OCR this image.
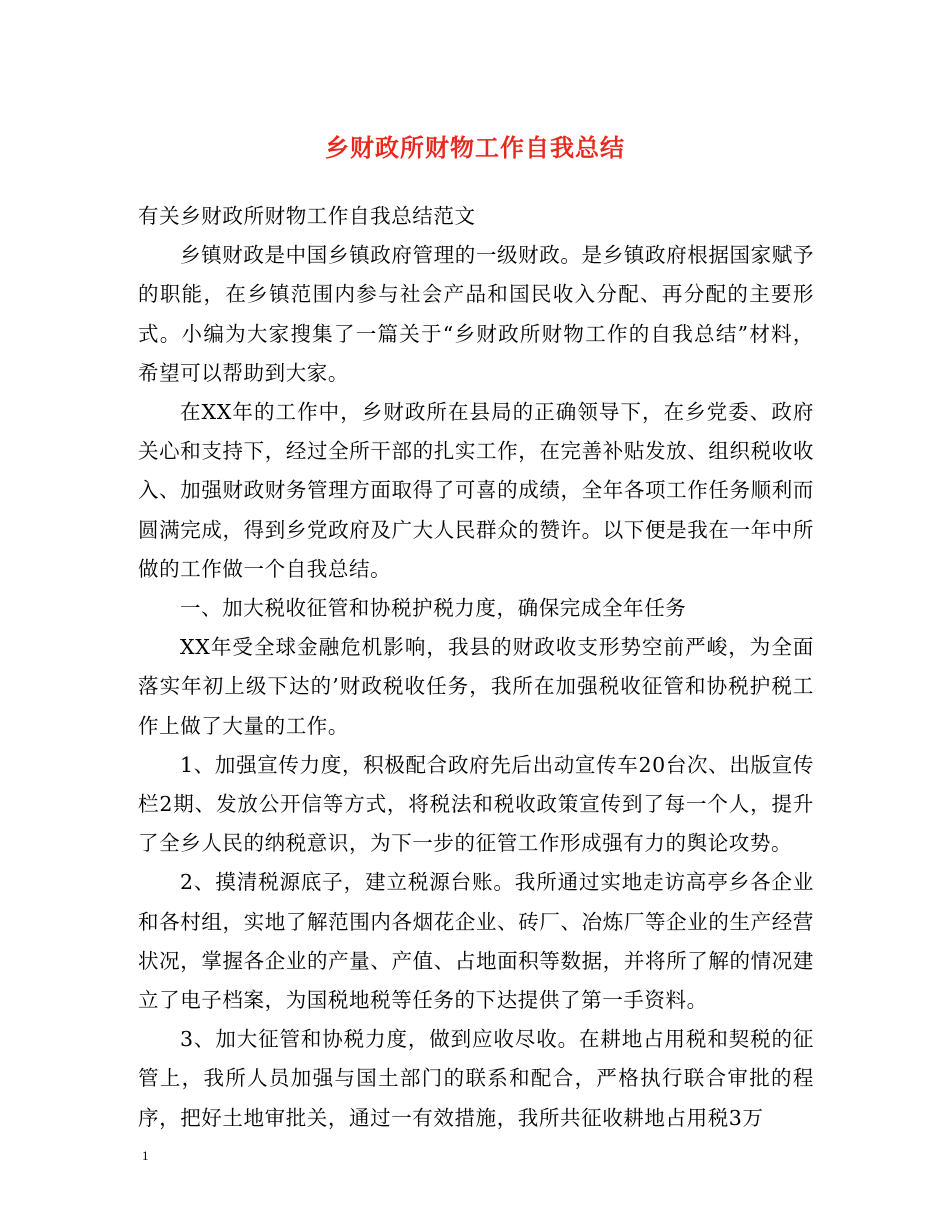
乡财政所财物工作自我总结

有关乡财政所财物工作自我总结范文

乡镇财政是中国乡镇政府管理的一级财政。是乡镇政府根据国家赋予的职能，在乡镇范围内参与社会产品和国民收入分配、再分配的主要形式。小编为大家搜集了一篇关于“乡财政所财物工作的自我总结”材料，希望可以帮助到大家。

在XX年的工作中，乡财政所在县局的正确领导下，在乡党委、政府关心和支持下，经过全所干部的扎实工作，在完善补贴发放、组织税收收入、加强财政财务管理方面取得了可喜的成绩，全年各项工作任务顺利而圆满完成，得到乡党政府及广大人民群众的赞许。以下便是我在一年中所做的工作做一个自我总结。

一、加大税收征管和协税护税力度，确保完成全年任务

XX年受全球金融危机影响，我县的财政收支形势空前严峻，为全面落实年初上级下达的’财政税收任务，我所在加强税收征管和协税护税工作上做了大量的工作。

1、加强宣传力度，积极配合政府先后出动宣传车20台次、出版宣传栏2期、发放公开信等方式，将税法和税收政策宣传到了每一个人，提升了全乡人民的纳税意识，为下一步的征管工作形成强有力的舆论攻势。

2、摸清税源底子，建立税源台账。我所通过实地走访高亭乡各企业和各村组，实地了解范围内各烟花企业、砖厂、冶炼厂等企业的生产经营状况，掌握各企业的产量、产值、占地面积等数据，并将所了解的情况建立了电子档案，为国税地税等任务的下达提供了第一手资料。

3、加大征管和协税力度，做到应收尽收。在耕地占用税和契税的征管上，我所人员加强与国土部门的联系和配合，严格执行联合审批的程序，把好土地审批关，通过一有效措施，我所共征收耕地占用税3万

1
